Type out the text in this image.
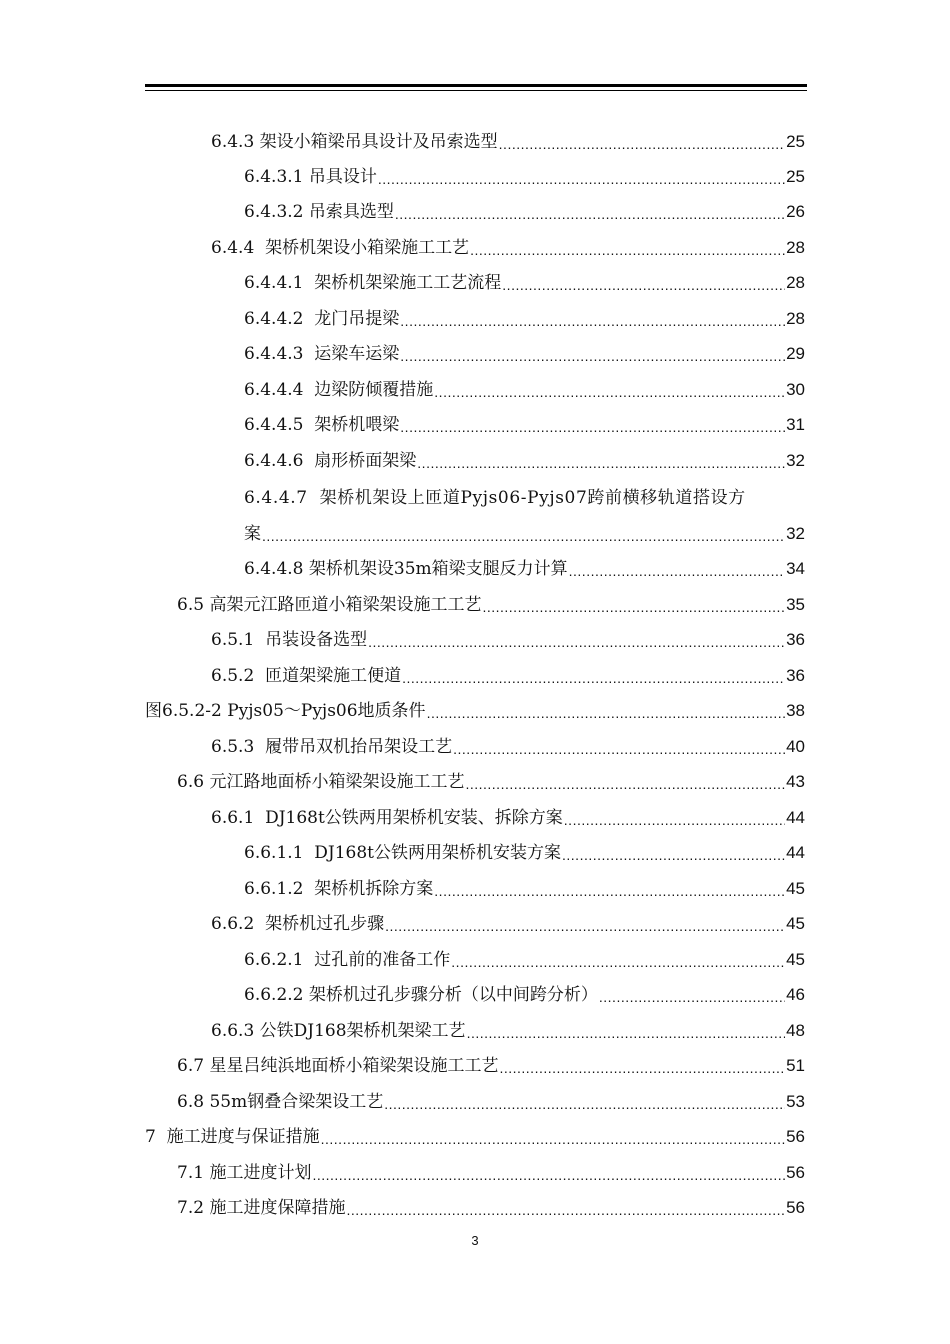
6.4.3 架设小箱梁吊具设计及吊索选型 .....	25
6.4.3.1 吊具设计 .....	25
6.4.3.2 吊索具选型 .....	26
6.4.4  架桥机架设小箱梁施工工艺 .....	28
6.4.4.1  架桥机架梁施工工艺流程 .....	28
6.4.4.2  龙门吊提梁 .....	28
6.4.4.3  运梁车运梁 .....	29
6.4.4.4  边梁防倾覆措施 .....	30
6.4.4.5  架桥机喂梁 .....	31
6.4.4.6  扇形桥面架梁 .....	32
6.4.4.7  架桥机架设上匝道Pyjs06-Pyjs07跨前横移轨道搭设方
案 .....	32
6.4.4.8 架桥机架设35m箱梁支腿反力计算 .....	34
6.5 高架元江路匝道小箱梁架设施工工艺 .....	35
6.5.1  吊装设备选型 .....	36
6.5.2  匝道架梁施工便道 .....	36
图6.5.2-2 Pyjs05～Pyjs06地质条件 .....	38
6.5.3  履带吊双机抬吊架设工艺 .....	40
6.6 元江路地面桥小箱梁架设施工工艺 .....	43
6.6.1  DJ168t公铁两用架桥机安装、拆除方案 .....	44
6.6.1.1  DJ168t公铁两用架桥机安装方案 .....	44
6.6.1.2  架桥机拆除方案 .....	45
6.6.2  架桥机过孔步骤 .....	45
6.6.2.1  过孔前的准备工作 .....	45
6.6.2.2 架桥机过孔步骤分析（以中间跨分析） .....	46
6.6.3 公铁DJ168架桥机架梁工艺 .....	48
6.7 星星吕纯浜地面桥小箱梁架设施工工艺 .....	51
6.8 55m钢叠合梁架设工艺 .....	53
7  施工进度与保证措施 .....	56
7.1 施工进度计划 .....	56
7.2 施工进度保障措施 .....	56
3
